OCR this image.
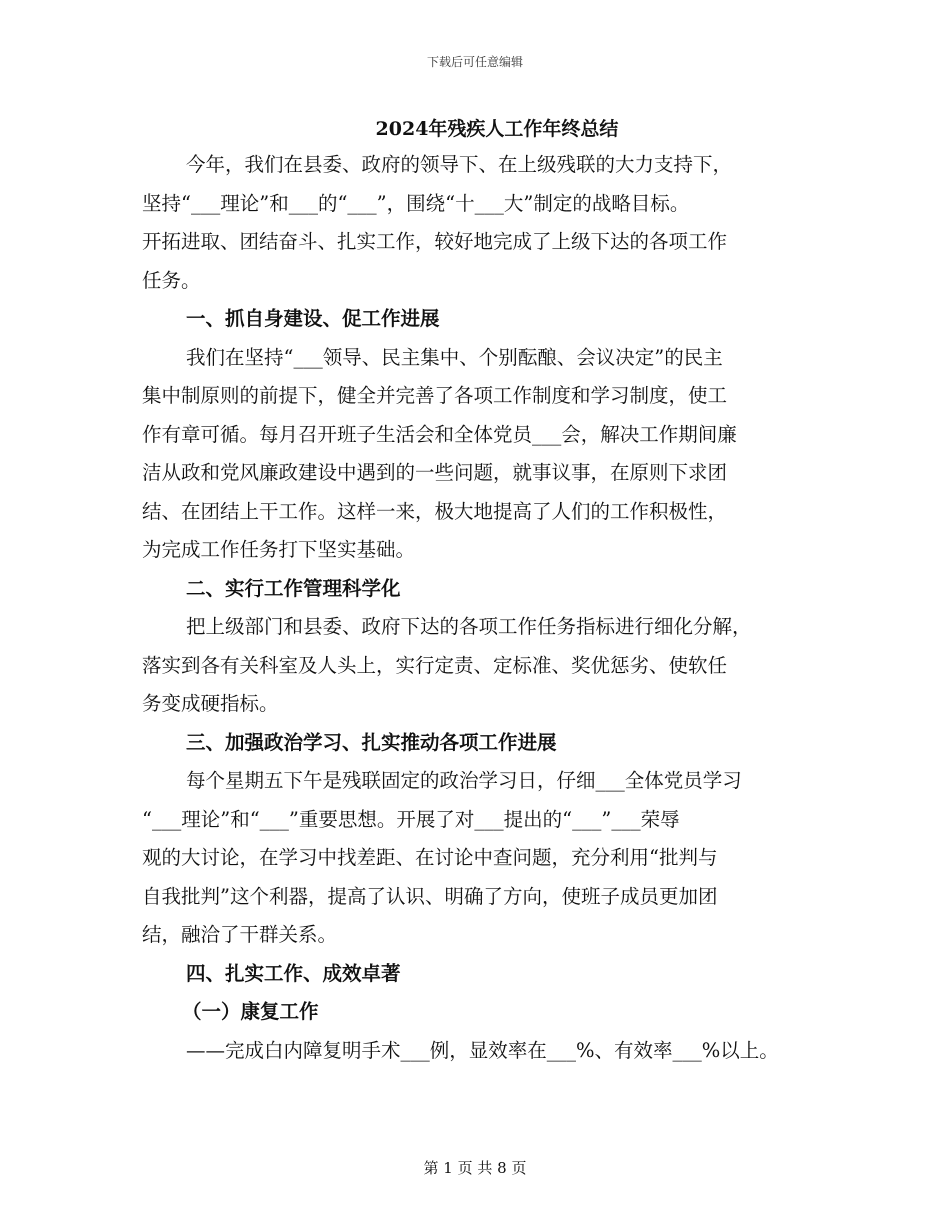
下载后可任意编辑

2024年残疾人工作年终总结

今年，我们在县委、政府的领导下、在上级残联的大力支持下，

坚持“___理论”和___的“___”，围绕“十___大”制定的战略目标。

开拓进取、团结奋斗、扎实工作，较好地完成了上级下达的各项工作

任务。

一、抓自身建设、促工作进展

我们在坚持“___领导、民主集中、个别酝酿、会议决定”的民主

集中制原则的前提下，健全并完善了各项工作制度和学习制度，使工

作有章可循。每月召开班子生活会和全体党员___会，解决工作期间廉

洁从政和党风廉政建设中遇到的一些问题，就事议事，在原则下求团

结、在团结上干工作。这样一来，极大地提高了人们的工作积极性，

为完成工作任务打下坚实基础。

二、实行工作管理科学化

把上级部门和县委、政府下达的各项工作任务指标进行细化分解，

落实到各有关科室及人头上，实行定责、定标准、奖优惩劣、使软任

务变成硬指标。

三、加强政治学习、扎实推动各项工作进展

每个星期五下午是残联固定的政治学习日，仔细___全体党员学习

“___理论”和“___”重要思想。开展了对___提出的“___”___荣辱

观的大讨论，在学习中找差距、在讨论中查问题，充分利用“批判与

自我批判”这个利器，提高了认识、明确了方向，使班子成员更加团

结，融洽了干群关系。

四、扎实工作、成效卓著

（一）康复工作

——完成白内障复明手术___例，显效率在___%、有效率___%以上。

第 1 页 共 8 页
